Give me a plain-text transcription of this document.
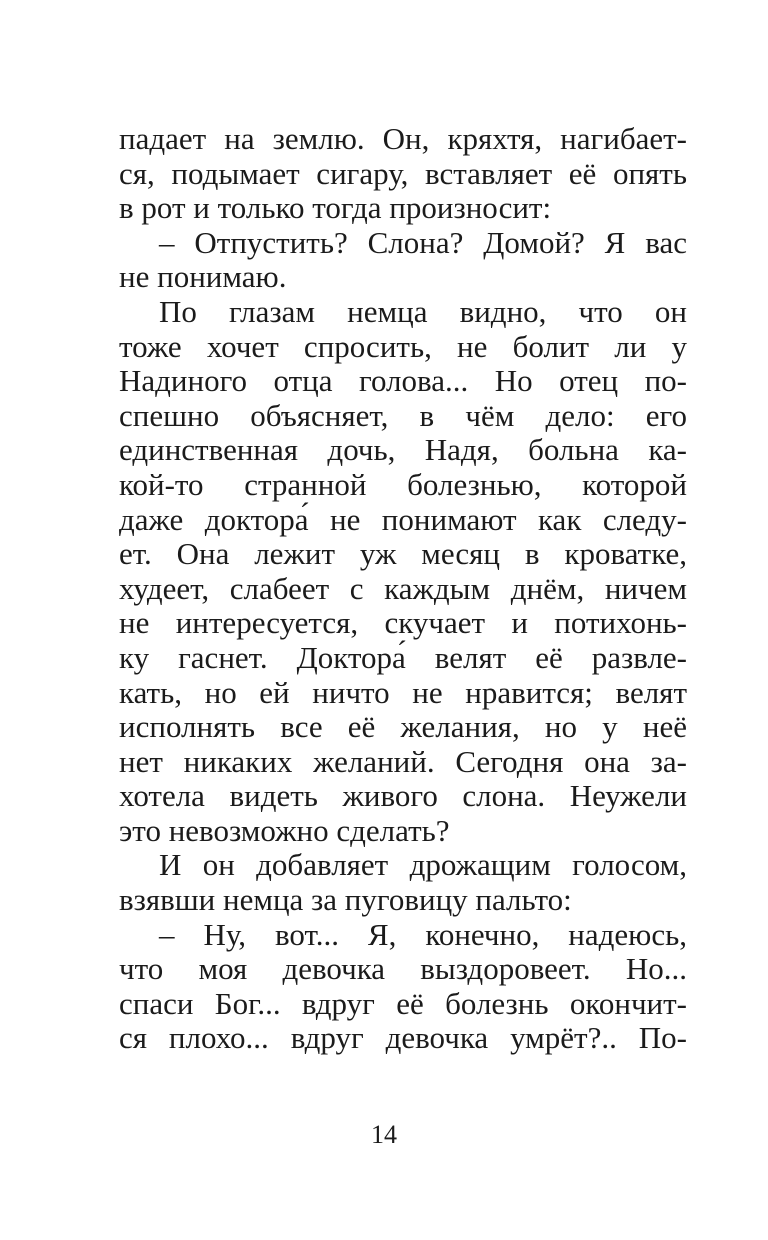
падает на землю. Он, кряхтя, нагибает-
ся, подымает сигару, вставляет её опять
в рот и только тогда произносит:
– Отпустить? Слона? Домой? Я вас
не понимаю.
По глазам немца видно, что он
тоже хочет спросить, не болит ли у
Надиного отца голова... Но отец по-
спешно объясняет, в чём дело: его
единственная дочь, Надя, больна ка-
кой-то странной болезнью, которой
даже доктора́ не понимают как следу-
ет. Она лежит уж месяц в кроватке,
худеет, слабеет с каждым днём, ничем
не интересуется, скучает и потихонь-
ку гаснет. Доктора́ велят её развле-
кать, но ей ничто не нравится; велят
исполнять все её желания, но у неё
нет никаких желаний. Сегодня она за-
хотела видеть живого слона. Неужели
это невозможно сделать?
И он добавляет дрожащим голосом,
взявши немца за пуговицу пальто:
– Ну, вот... Я, конечно, надеюсь,
что моя девочка выздоровеет. Но...
спаси Бог... вдруг её болезнь окончит-
ся плохо... вдруг девочка умрёт?.. По-
14
